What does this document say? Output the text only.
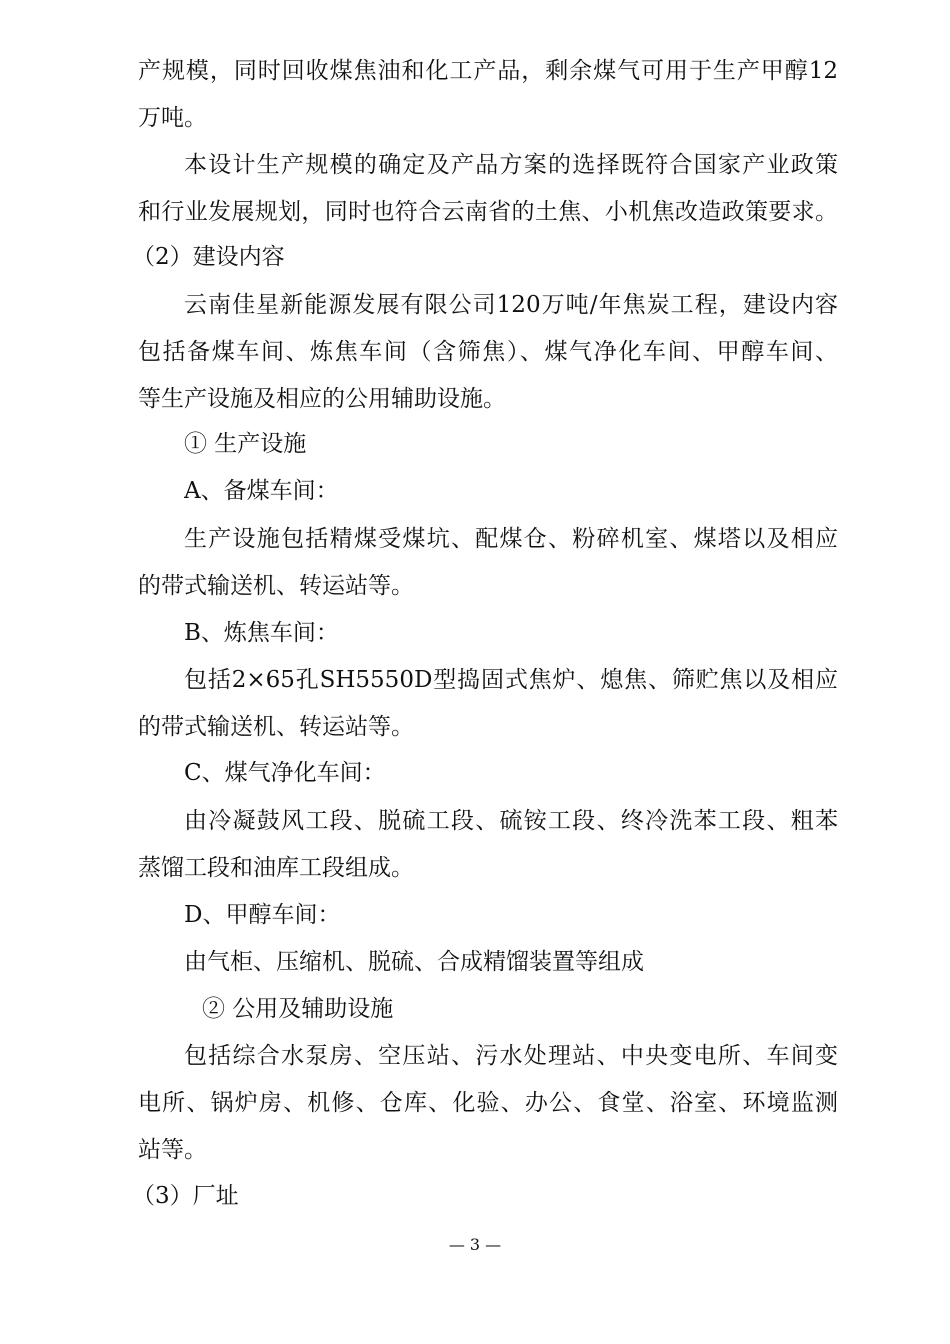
产规模，同时回收煤焦油和化工产品，剩余煤气可用于生产甲醇12
万吨。
本设计生产规模的确定及产品方案的选择既符合国家产业政策
和行业发展规划，同时也符合云南省的土焦、小机焦改造政策要求。
（2）建设内容
云南佳星新能源发展有限公司120万吨/年焦炭工程，建设内容
包括备煤车间、炼焦车间（含筛焦）、煤气净化车间、甲醇车间、
等生产设施及相应的公用辅助设施。
① 生产设施
A、备煤车间：
生产设施包括精煤受煤坑、配煤仓、粉碎机室、煤塔以及相应
的带式输送机、转运站等。
B、炼焦车间：
包括2×65孔SH5550D型捣固式焦炉、熄焦、筛贮焦以及相应
的带式输送机、转运站等。
C、煤气净化车间：
由冷凝鼓风工段、脱硫工段、硫铵工段、终冷洗苯工段、粗苯
蒸馏工段和油库工段组成。
D、甲醇车间：
由气柜、压缩机、脱硫、合成精馏装置等组成
② 公用及辅助设施
包括综合水泵房、空压站、污水处理站、中央变电所、车间变
电所、锅炉房、机修、仓库、化验、办公、食堂、浴室、环境监测
站等。
（3）厂址
— 3 —
